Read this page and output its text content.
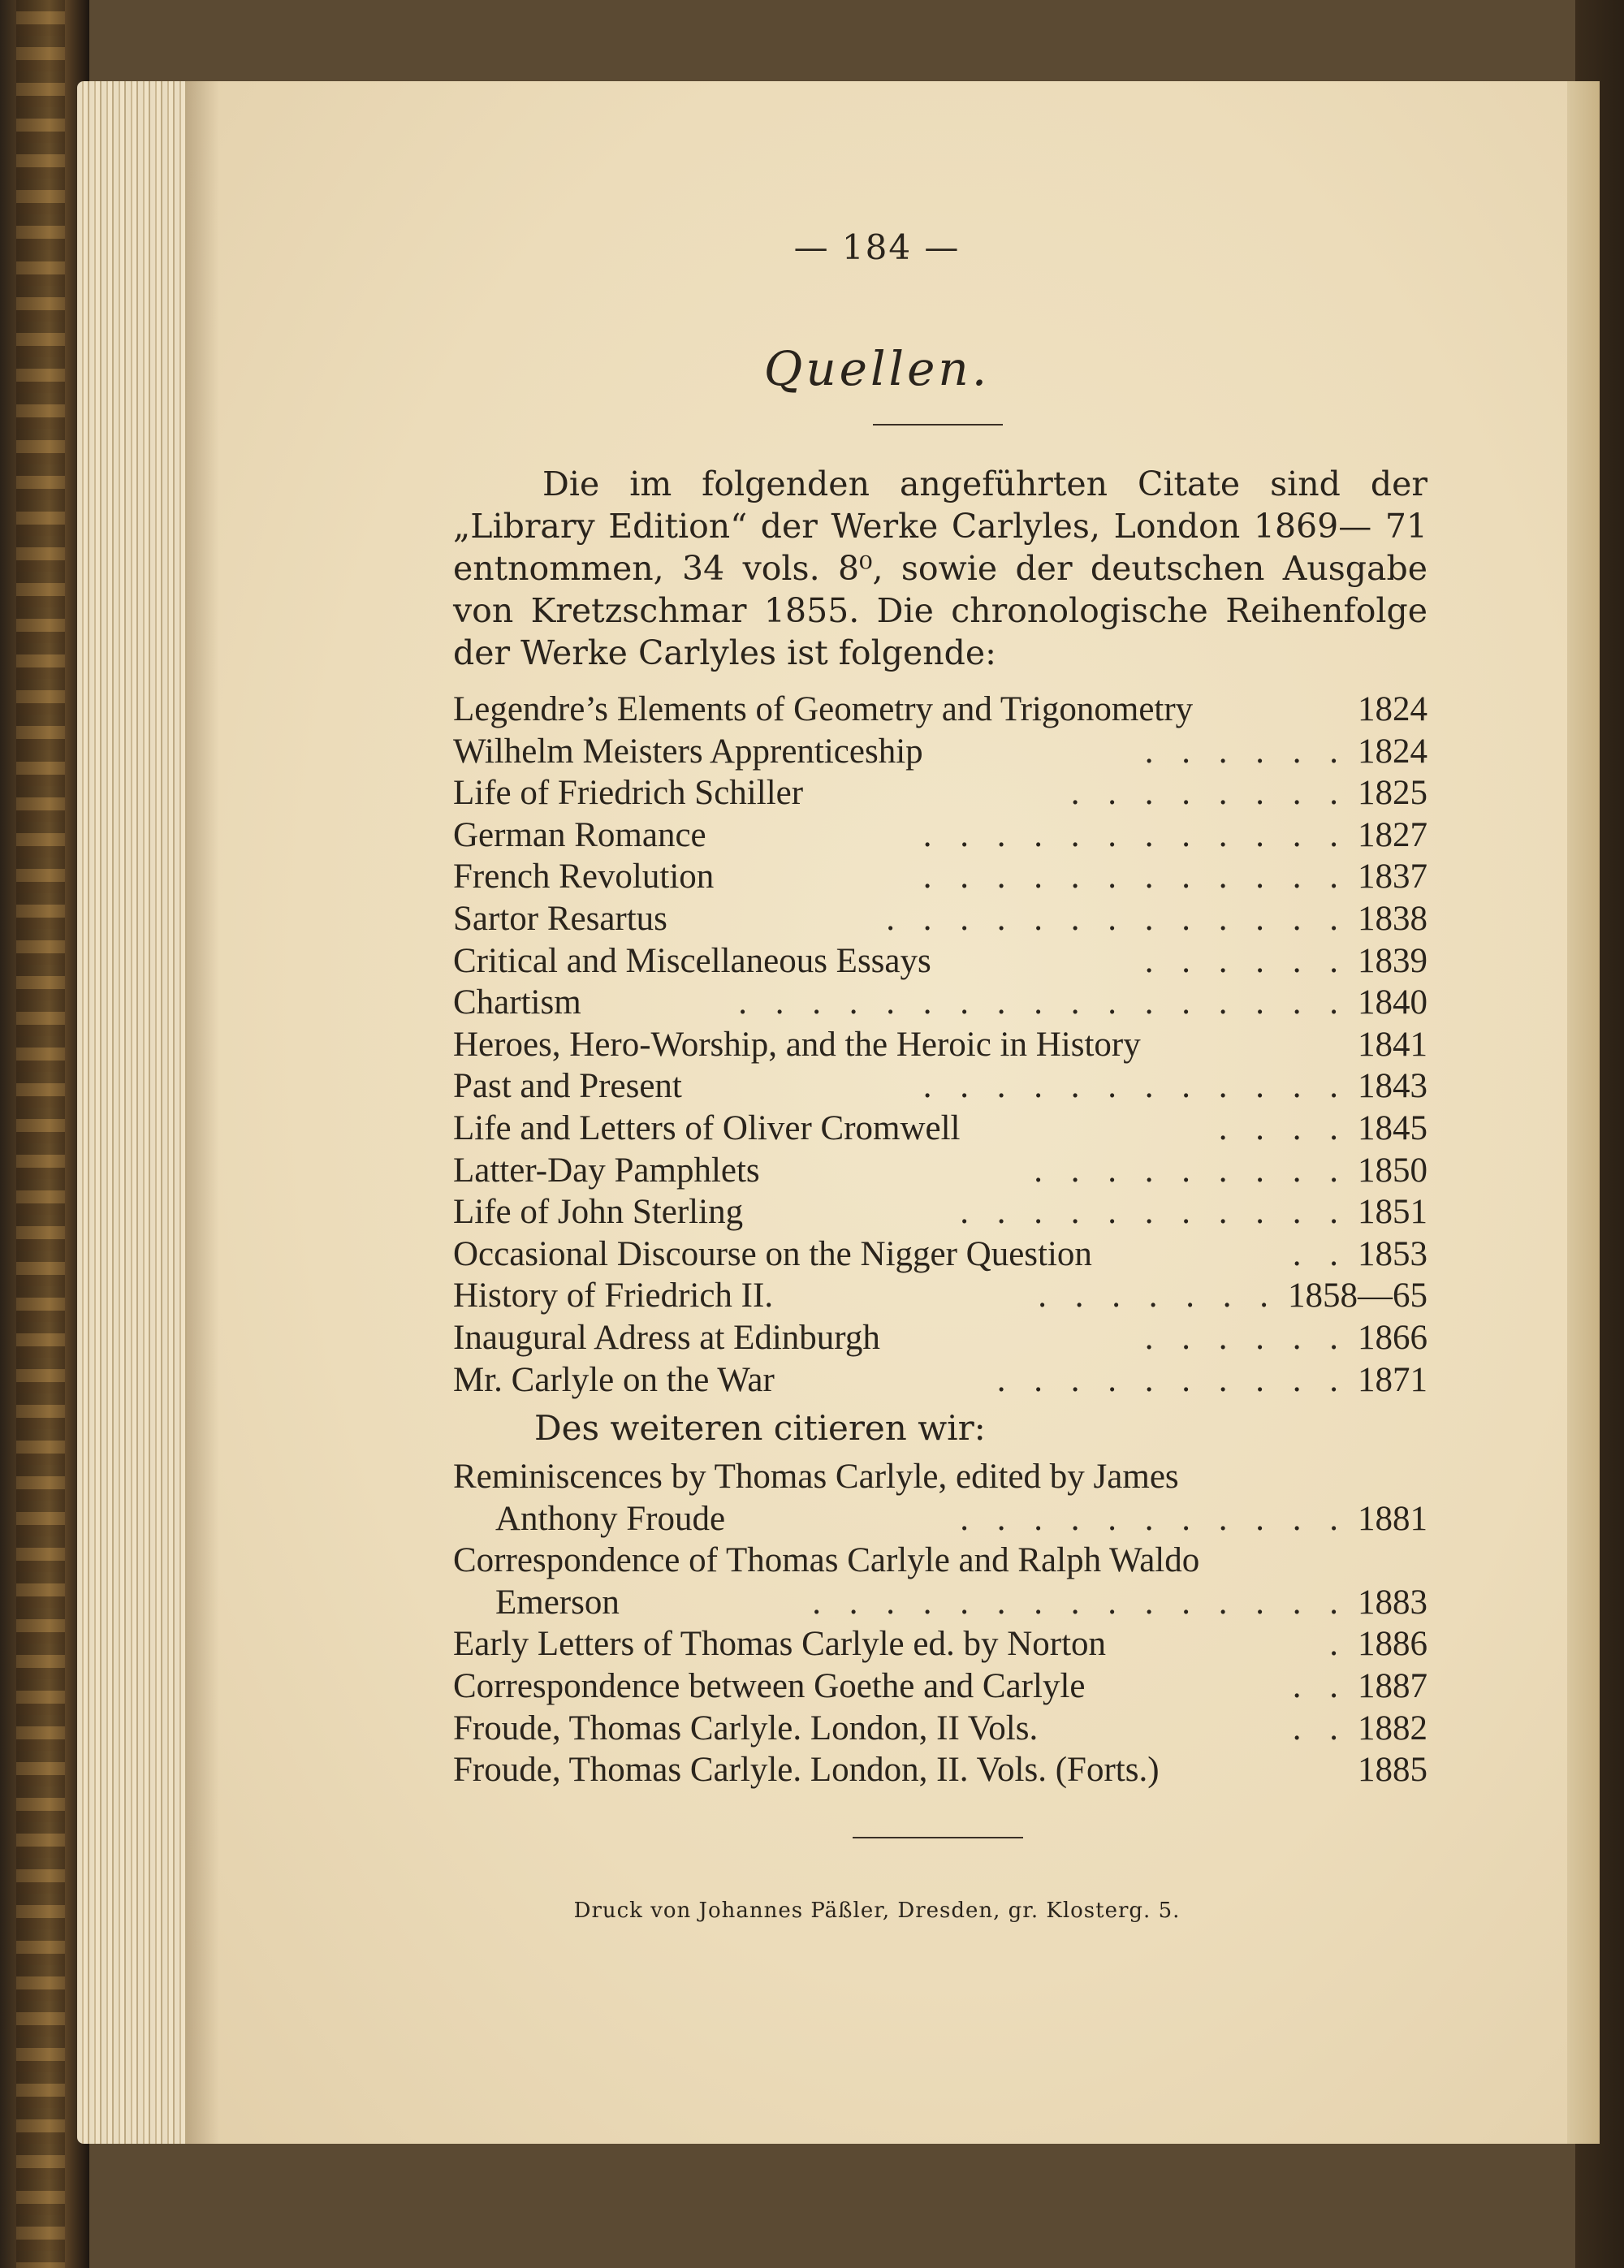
— 184 —
Quellen.

Die im folgenden angeführten Citate sind der „Library Edition“ der Werke Carlyles, London 1869— 71 entnommen, 34 vols. 8⁰, sowie der deutschen Ausgabe von Kretzschmar 1855. Die chronologische Reihenfolge der Werke Carlyles ist folgende:

Legendre’s Elements of Geometry and Trigonometry	1824
Wilhelm Meisters Apprenticeship	. . . . . . 1824
Life of Friedrich Schiller	. . . . . . . . 1825
German Romance	. . . . . . . . . . . . 1827
French Revolution	. . . . . . . . . . . . 1837
Sartor Resartus	. . . . . . . . . . . . . 1838
Critical and Miscellaneous Essays	. . . . . . 1839
Chartism	. . . . . . . . . . . . . . . . . 1840
Heroes, Hero-Worship, and the Heroic in History	1841
Past and Present	. . . . . . . . . . . . 1843
Life and Letters of Oliver Cromwell	. . . . 1845
Latter-Day Pamphlets	. . . . . . . . . 1850
Life of John Sterling	. . . . . . . . . . . 1851
Occasional Discourse on the Nigger Question	. . 1853
History of Friedrich II.	. . . . . . . 1858—65
Inaugural Adress at Edinburgh	. . . . . . 1866
Mr. Carlyle on the War	. . . . . . . . . . 1871
Des weiteren citieren wir:
Reminiscences by Thomas Carlyle, edited by James
Anthony Froude	. . . . . . . . . . . 1881
Correspondence of Thomas Carlyle and Ralph Waldo
Emerson	. . . . . . . . . . . . . . . 1883
Early Letters of Thomas Carlyle ed. by Norton	. 1886
Correspondence between Goethe and Carlyle	. . 1887
Froude, Thomas Carlyle. London, II Vols.	. . 1882
Froude, Thomas Carlyle. London, II. Vols. (Forts.)	1885
Druck von Johannes Päßler, Dresden, gr. Klosterg. 5.
